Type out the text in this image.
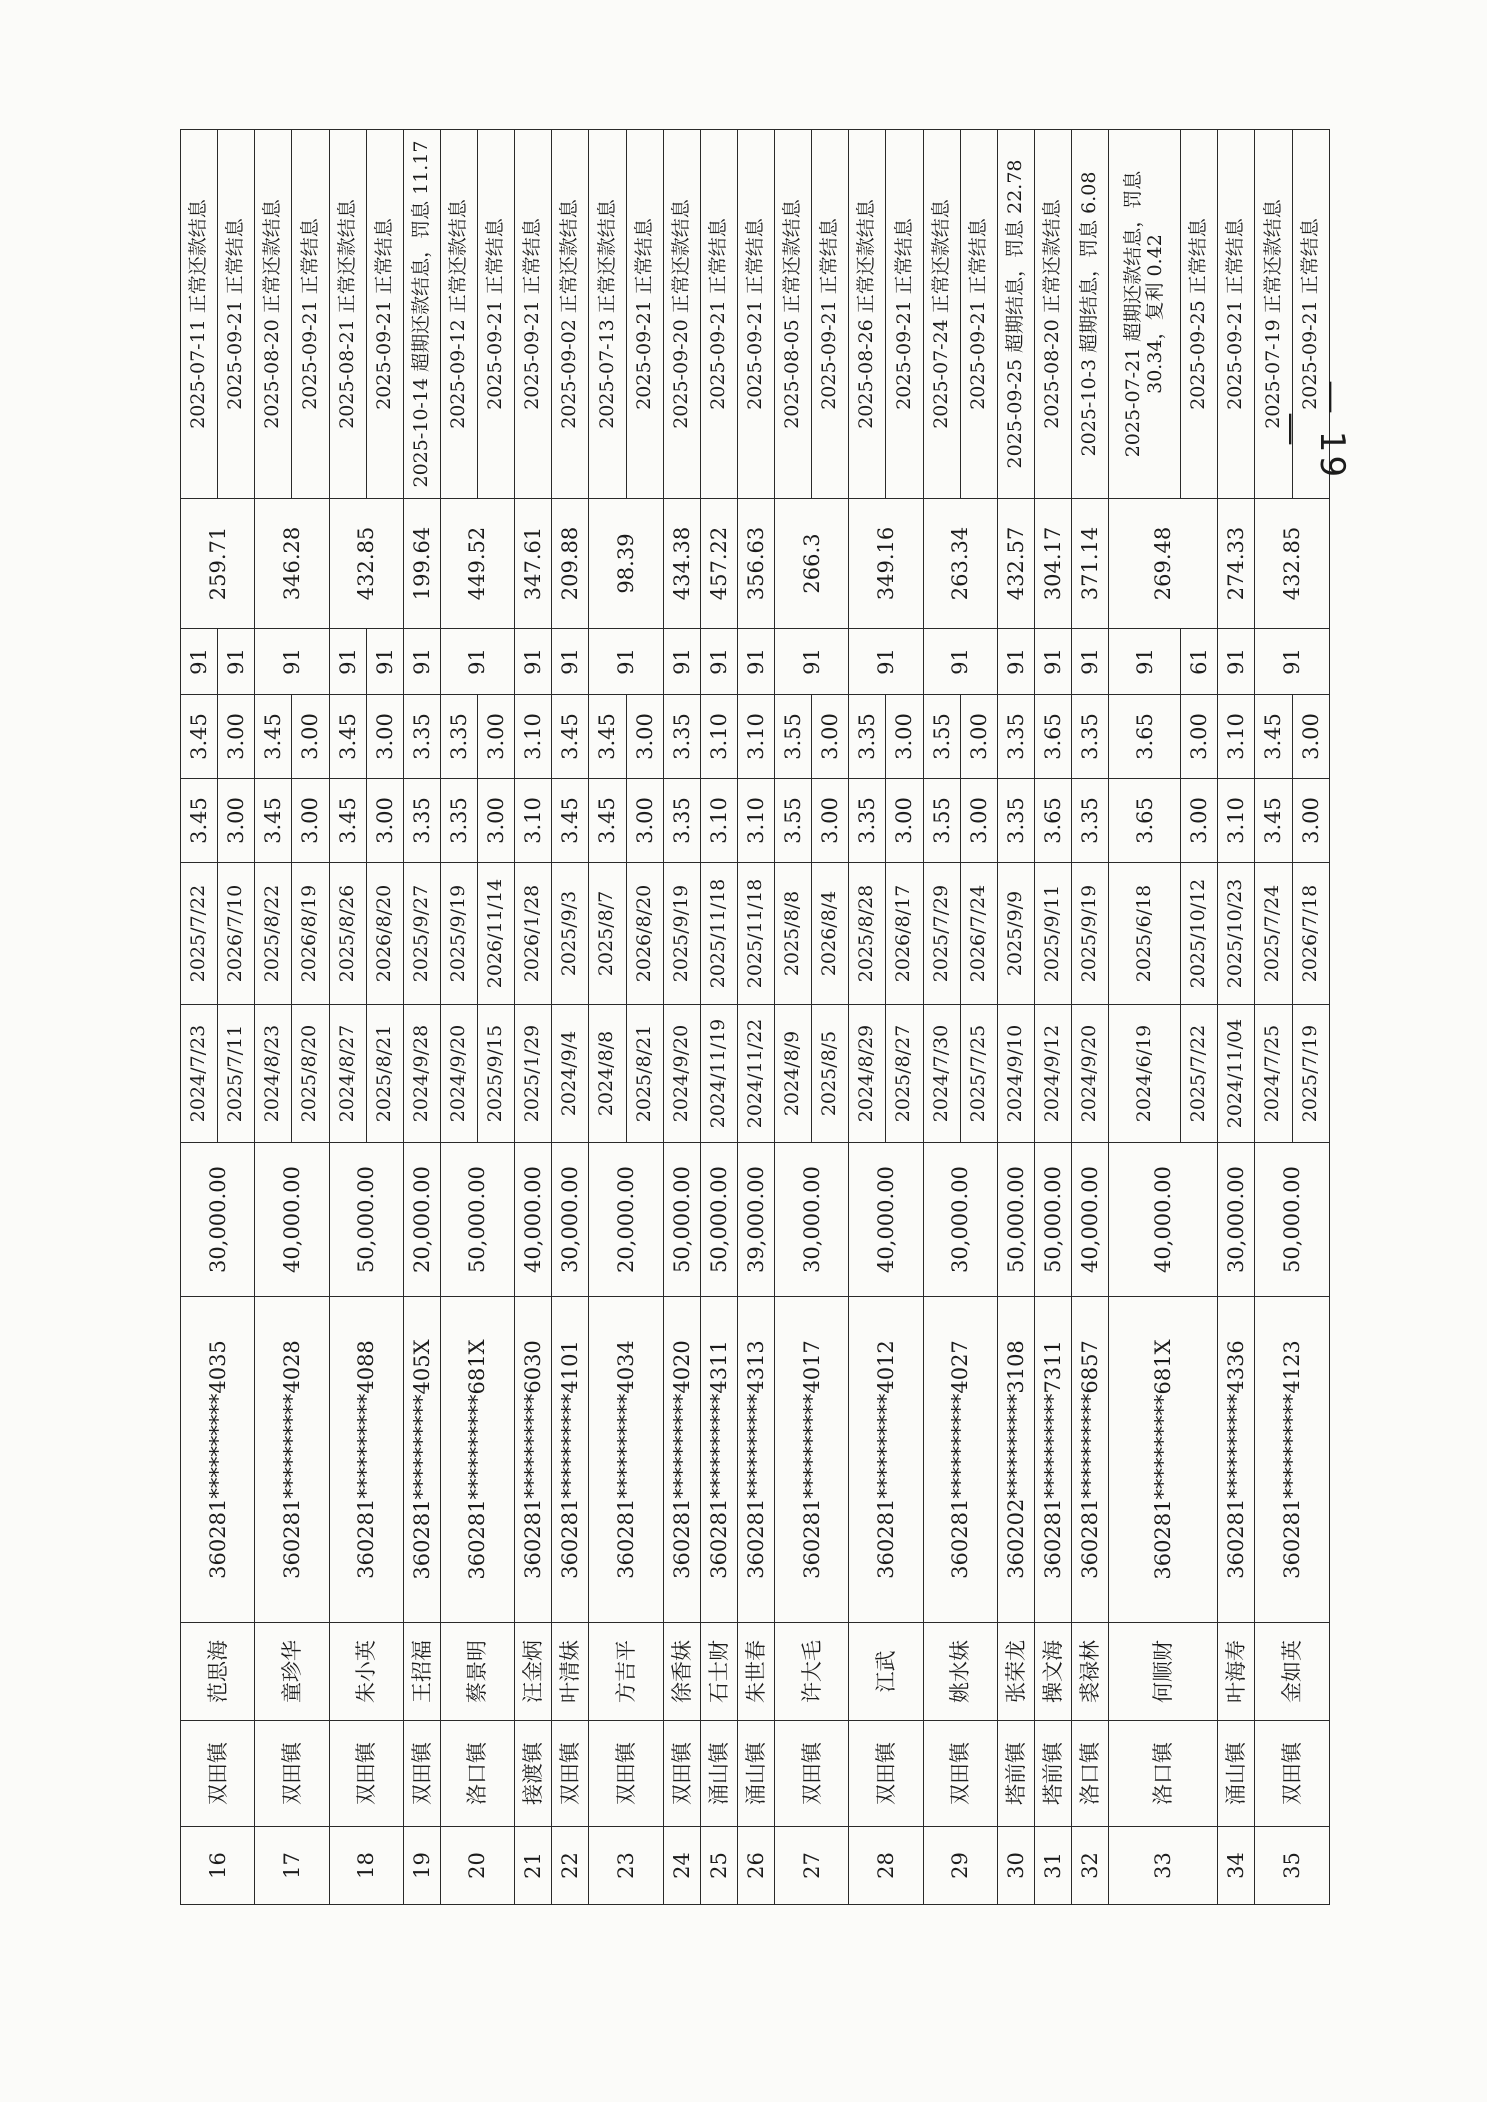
16	双田镇	范思海	360281**********4035	30,000.00	2024/7/23	2025/7/22	3.45	3.45	91	259.71	2025-07-11 正常还款结息
					2025/7/11	2026/7/10	3.00	3.00	91		2025-09-21 正常结息
17	双田镇	童珍华	360281**********4028	40,000.00	2024/8/23	2025/8/22	3.45	3.45	91	346.28	2025-08-20 正常还款结息
					2025/8/20	2026/8/19	3.00	3.00			2025-09-21 正常结息
18	双田镇	朱小英	360281**********4088	50,000.00	2024/8/27	2025/8/26	3.45	3.45	91	432.85	2025-08-21 正常还款结息
					2025/8/21	2026/8/20	3.00	3.00	91		2025-09-21 正常结息
19	双田镇	王招福	360281**********405X	20,000.00	2024/9/28	2025/9/27	3.35	3.35	91	199.64	2025-10-14 超期还款结息，罚息 11.17
20	洛口镇	蔡景明	360281**********681X	50,000.00	2024/9/20	2025/9/19	3.35	3.35	91	449.52	2025-09-12 正常还款结息
					2025/9/15	2026/11/14	3.00	3.00			2025-09-21 正常结息
21	接渡镇	汪金炳	360281**********6030	40,000.00	2025/1/29	2026/1/28	3.10	3.10	91	347.61	2025-09-21 正常结息
22	双田镇	叶清妹	360281**********4101	30,000.00	2024/9/4	2025/9/3	3.45	3.45	91	209.88	2025-09-02 正常还款结息
23	双田镇	方吉平	360281**********4034	20,000.00	2024/8/8	2025/8/7	3.45	3.45	91	98.39	2025-07-13 正常还款结息
					2025/8/21	2026/8/20	3.00	3.00			2025-09-21 正常结息
24	双田镇	徐香妹	360281**********4020	50,000.00	2024/9/20	2025/9/19	3.35	3.35	91	434.38	2025-09-20 正常还款结息
25	涌山镇	石士财	360281**********4311	50,000.00	2024/11/19	2025/11/18	3.10	3.10	91	457.22	2025-09-21 正常结息
26	涌山镇	朱世春	360281**********4313	39,000.00	2024/11/22	2025/11/18	3.10	3.10	91	356.63	2025-09-21 正常结息
27	双田镇	许大毛	360281**********4017	30,000.00	2024/8/9	2025/8/8	3.55	3.55	91	266.3	2025-08-05 正常还款结息
					2025/8/5	2026/8/4	3.00	3.00			2025-09-21 正常结息
28	双田镇	江武	360281**********4012	40,000.00	2024/8/29	2025/8/28	3.35	3.35	91	349.16	2025-08-26 正常还款结息
					2025/8/27	2026/8/17	3.00	3.00			2025-09-21 正常结息
29	双田镇	姚水妹	360281**********4027	30,000.00	2024/7/30	2025/7/29	3.55	3.55	91	263.34	2025-07-24 正常还款结息
					2025/7/25	2026/7/24	3.00	3.00			2025-09-21 正常结息
30	塔前镇	张荣龙	360202**********3108	50,000.00	2024/9/10	2025/9/9	3.35	3.35	91	432.57	2025-09-25 超期结息，罚息 22.78
31	塔前镇	操文海	360281**********7311	50,000.00	2024/9/12	2025/9/11	3.65	3.65	91	304.17	2025-08-20 正常还款结息
32	洛口镇	裘禄林	360281**********6857	40,000.00	2024/9/20	2025/9/19	3.35	3.35	91	371.14	2025-10-3 超期结息，罚息 6.08
33	洛口镇	何顺财	360281**********681X	40,000.00	2024/6/19	2025/6/18	3.65	3.65	91	269.48	2025-07-21 超期还款结息，罚息 30.34，复利 0.42
					2025/7/22	2025/10/12	3.00	3.00	61		2025-09-25 正常结息
34	涌山镇	叶海寿	360281**********4336	30,000.00	2024/11/04	2025/10/23	3.10	3.10	91	274.33	2025-09-21 正常结息
35	双田镇	金如英	360281**********4123	50,000.00	2024/7/25	2025/7/24	3.45	3.45	91	432.85	2025-07-19 正常还款结息
					2025/7/19	2026/7/18	3.00	3.00			2025-09-21 正常结息
— 19 —
